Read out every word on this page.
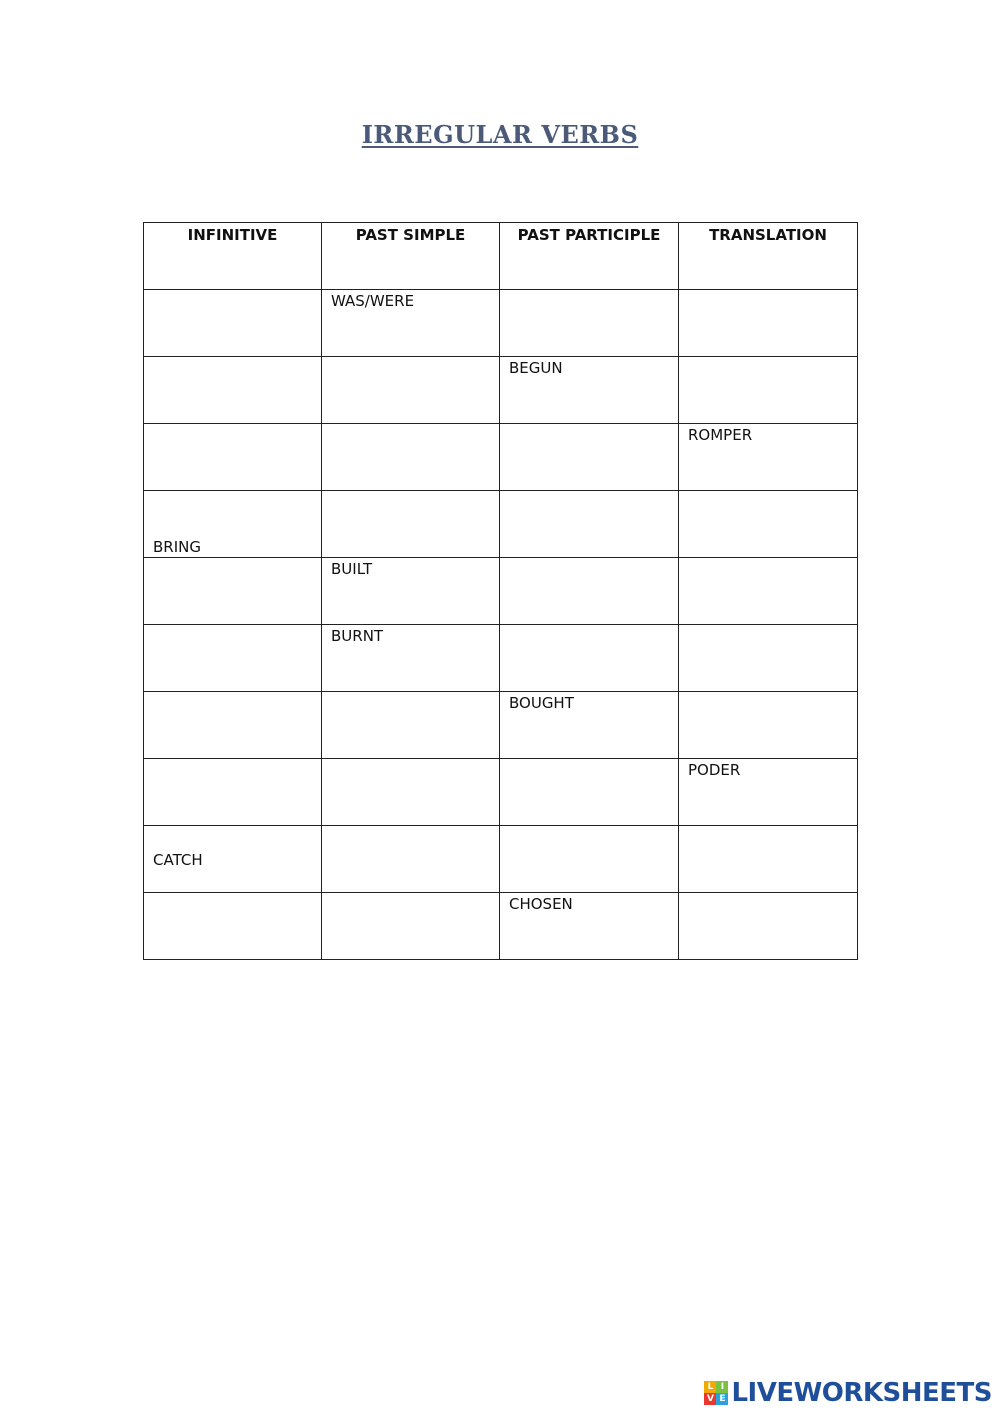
IRREGULAR VERBS
INFINITIVE	PAST SIMPLE	PAST PARTICIPLE	TRANSLATION
	WAS/WERE		
		BEGUN	
			ROMPER
BRING			
	BUILT		
	BURNT		
		BOUGHT	
			PODER
CATCH			
		CHOSEN	
L I
V E LIVEWORKSHEETS
